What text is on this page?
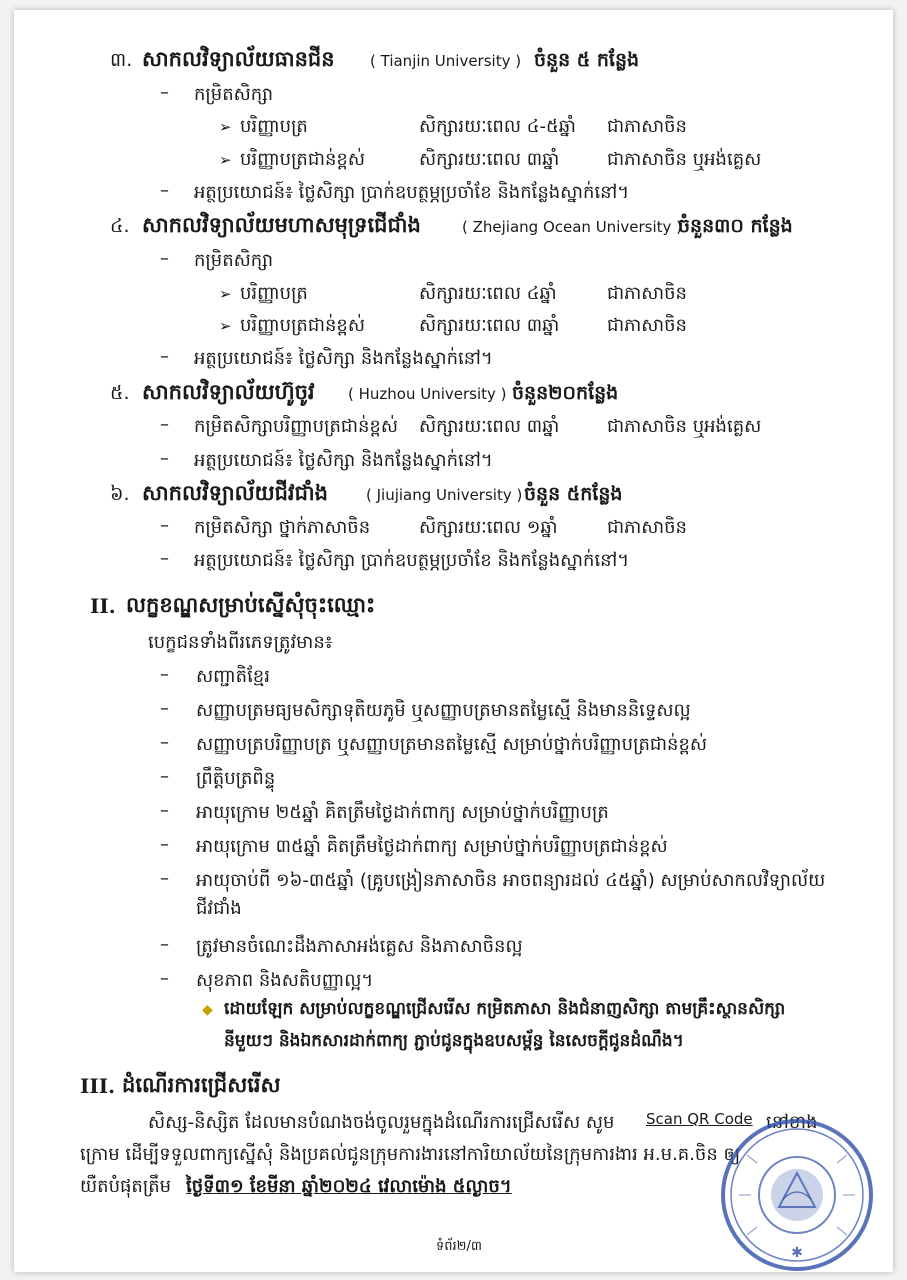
៣. សាកលវិទ្យាល័យធានជីន ( Tianjin University ) ចំនួន ៥ កន្លែង
– កម្រិតសិក្សា
➢ បរិញ្ញាបត្រ	សិក្សារយៈពេល ៤-៥ឆ្នាំ ជាភាសាចិន
➢ បរិញ្ញាបត្រជាន់ខ្ពស់	សិក្សារយៈពេល ៣ឆ្នាំ	ជាភាសាចិន ឬអង់គ្លេស
– អត្ថប្រយោជន៍៖ ថ្លៃសិក្សា ប្រាក់ឧបត្ថម្ភប្រចាំខែ និងកន្លែងស្នាក់នៅ។
៤. សាកលវិទ្យាល័យមហាសមុទ្រជើជាំង	( Zhejiang Ocean University )
ចំនួន៣០ កន្លែង
– កម្រិតសិក្សា
➢ បរិញ្ញាបត្រ	សិក្សារយៈពេល ៤ឆ្នាំ	ជាភាសាចិន
➢ បរិញ្ញាបត្រជាន់ខ្ពស់	សិក្សារយៈពេល ៣ឆ្នាំ	ជាភាសាចិន
– អត្ថប្រយោជន៍៖ ថ្លៃសិក្សា និងកន្លែងស្នាក់នៅ។
៥. សាកលវិទ្យាល័យហ៊ូចូវ ( Huzhou University ) ចំនួន២០កន្លែង
– កម្រិតសិក្សាបរិញ្ញាបត្រជាន់ខ្ពស់ សិក្សារយៈពេល ៣ឆ្នាំ	ជាភាសាចិន ឬអង់គ្លេស
– អត្ថប្រយោជន៍៖ ថ្លៃសិក្សា និងកន្លែងស្នាក់នៅ។
៦. សាកលវិទ្យាល័យជីវជាំង	( Jiujiang University ) ចំនួន ៥កន្លែង
– កម្រិតសិក្សា ថ្នាក់ភាសាចិន	សិក្សារយៈពេល ១ឆ្នាំ	ជាភាសាចិន
– អត្ថប្រយោជន៍៖ ថ្លៃសិក្សា ប្រាក់ឧបត្ថម្ភប្រចាំខែ និងកន្លែងស្នាក់នៅ។
II. លក្ខខណ្ឌសម្រាប់ស្នើសុំចុះឈ្មោះ
បេក្ខជនទាំងពីរភេទត្រូវមាន៖
– សញ្ជាតិខ្មែរ
– សញ្ញាបត្រមធ្យមសិក្សាទុតិយភូមិ ឬសញ្ញាបត្រមានតម្លៃស្មើ និងមាននិទ្ទេសល្អ
– សញ្ញាបត្របរិញ្ញាបត្រ ឬសញ្ញាបត្រមានតម្លៃស្មើ សម្រាប់ថ្នាក់បរិញ្ញាបត្រជាន់ខ្ពស់
– ព្រឹត្តិបត្រពិន្ទុ
– អាយុក្រោម ២៥ឆ្នាំ គិតត្រឹមថ្ងៃដាក់ពាក្យ សម្រាប់ថ្នាក់បរិញ្ញាបត្រ
– អាយុក្រោម ៣៥ឆ្នាំ គិតត្រឹមថ្ងៃដាក់ពាក្យ សម្រាប់ថ្នាក់បរិញ្ញាបត្រជាន់ខ្ពស់
– អាយុចាប់ពី ១៦-៣៥ឆ្នាំ (គ្រូបង្រៀនភាសាចិន អាចពន្យារដល់ ៤៥ឆ្នាំ) សម្រាប់សាកលវិទ្យាល័យ
ជីវជាំង
– ត្រូវមានចំណេះដឹងភាសាអង់គ្លេស និងភាសាចិនល្អ
– សុខភាព និងសតិបញ្ញាល្អ។
◆ ដោយឡែក សម្រាប់លក្ខខណ្ឌជ្រើសរើស កម្រិតភាសា និងជំនាញសិក្សា តាមគ្រឹះស្ថានសិក្សា
នីមួយៗ និងឯកសារដាក់ពាក្យ ភ្ជាប់ជូនក្នុងឧបសម្ព័ន្ធ នៃសេចក្តីជូនដំណឹង។
III. ដំណើរការជ្រើសរើស
សិស្ស-និស្សិត ដែលមានបំណងចង់ចូលរួមក្នុងដំណើរការជ្រើសរើស សូម Scan QR Code នៅខាង
ក្រោម ដើម្បីទទួលពាក្យស្នើសុំ និងប្រគល់ជូនក្រុមការងារនៅការិយាល័យនៃក្រុមការងារ អ.ម.គ.ចិន ឲ្យ
យឺតបំផុតត្រឹម ថ្ងៃទី៣១ ខែមីនា ឆ្នាំ២០២៤ វេលាម៉ោង ៥ល្ងាច។
ទំព័រ២/៣	✱
